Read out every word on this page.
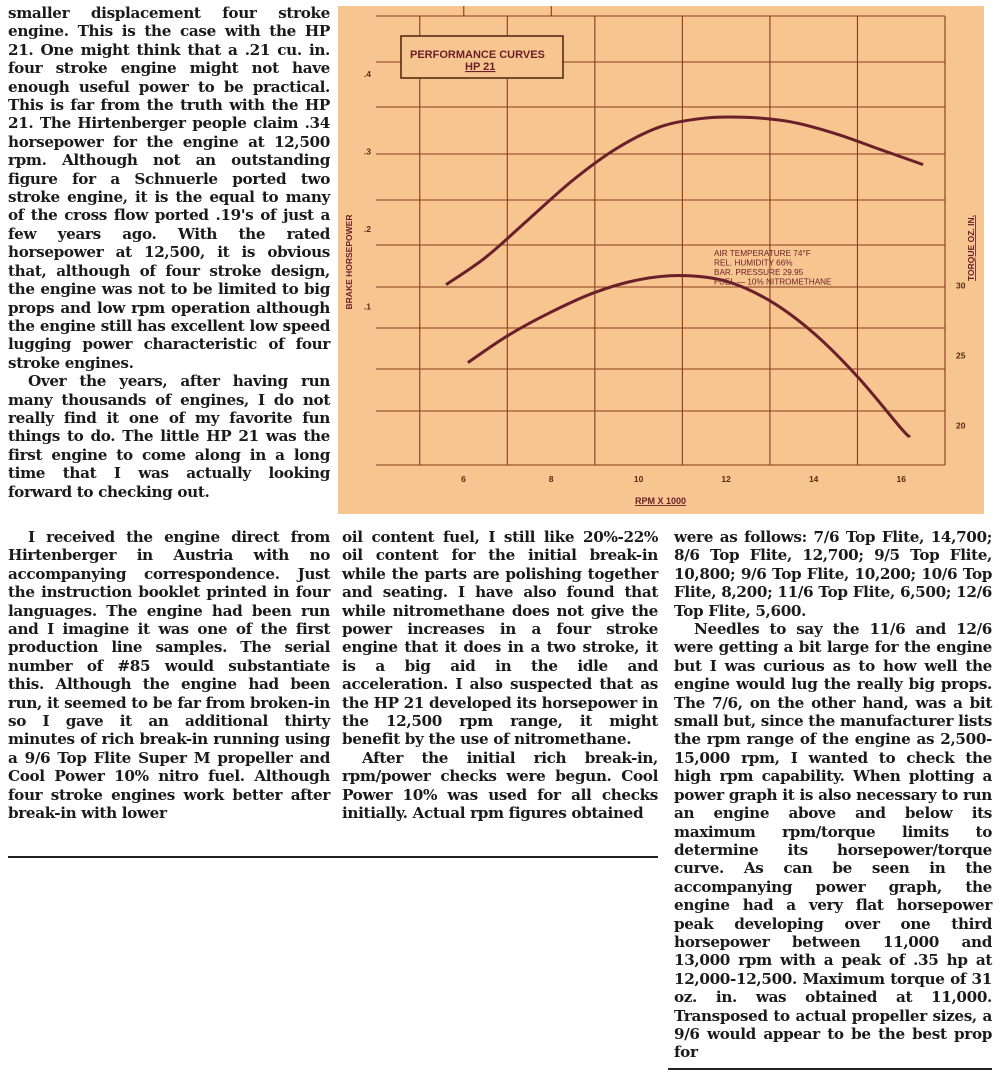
smaller displacement four stroke engine. This is the case with the HP 21. One might think that a .21 cu. in. four stroke engine might not have enough useful power to be practical. This is far from the truth with the HP 21. The Hirtenberger people claim .34 horsepower for the engine at 12,500 rpm. Although not an outstanding figure for a Schnuerle ported two stroke engine, it is the equal to many of the cross flow ported .19's of just a few years ago. With the rated horsepower at 12,500, it is obvious that, although of four stroke design, the engine was not to be limited to big props and low rpm operation although the engine still has excellent low speed lugging power characteristic of four stroke engines.

Over the years, after having run many thousands of engines, I do not really find it one of my favorite fun things to do. The little HP 21 was the first engine to come along in a long time that I was actually looking forward to checking out.

I received the engine direct from Hirtenberger in Austria with no accompanying correspondence. Just the instruction booklet printed in four languages. The engine had been run and I imagine it was one of the first production line samples. The serial number of #85 would substantiate this. Although the engine had been run, it seemed to be far from broken-in so I gave it an additional thirty minutes of rich break-in running using a 9/6 Top Flite Super M propeller and Cool Power 10% nitro fuel. Although four stroke engines work better after break-in with lower

oil content fuel, I still like 20%-22% oil content for the initial break-in while the parts are polishing together and seating. I have also found that while nitromethane does not give the power increases in a four stroke engine that it does in a two stroke, it is a big aid in the idle and acceleration. I also suspected that as the HP 21 developed its horsepower in the 12,500 rpm range, it might benefit by the use of nitromethane.

After the initial rich break-in, rpm/power checks were begun. Cool Power 10% was used for all checks initially. Actual rpm figures obtained

were as follows: 7/6 Top Flite, 14,700; 8/6 Top Flite, 12,700; 9/5 Top Flite, 10,800; 9/6 Top Flite, 10,200; 10/6 Top Flite, 8,200; 11/6 Top Flite, 6,500; 12/6 Top Flite, 5,600.

Needles to say the 11/6 and 12/6 were getting a bit large for the engine but I was curious as to how well the engine would lug the really big props. The 7/6, on the other hand, was a bit small but, since the manufacturer lists the rpm range of the engine as 2,500-15,000 rpm, I wanted to check the high rpm capability. When plotting a power graph it is also necessary to run an engine above and below its maximum rpm/torque limits to determine its horsepower/torque curve. As can be seen in the accompanying power graph, the engine had a very flat horsepower peak developing over one third horsepower between 11,000 and 13,000 rpm with a peak of .35 hp at 12,000-12,500. Maximum torque of 31 oz. in. was obtained at 11,000. Transposed to actual propeller sizes, a 9/6 would appear to be the best prop for

PERFORMANCE CURVES
HP 21
6	8	10	12	14	16
RPM X 1000
.4
.3
.2
.1
BRAKE HORSEPOWER	30
25
20
TORQUE OZ. IN.
AIR TEMPERATURE 74°F
REL. HUMIDITY 66%
BAR. PRESSURE 29.95
FUEL — 10% NITROMETHANE
